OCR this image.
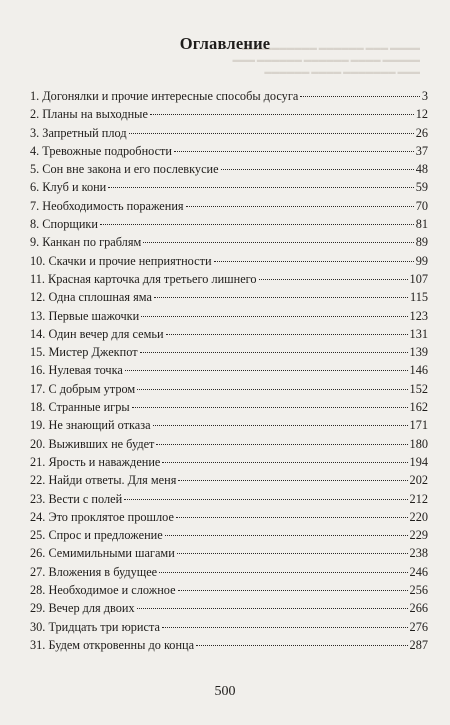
▬▬▬▬ ▬▬▬ ▬▬▬▬▬▬ ▬▬▬▬▬▬▬▬▬▬
▬▬▬▬▬ ▬▬▬▬ ▬▬▬▬▬▬ ▬▬▬▬▬▬ ▬▬▬
▬▬▬ ▬▬▬▬▬▬▬ ▬▬▬▬ ▬▬▬▬▬▬
Оглавление
1. Догонялки и прочие интересные способы досуга	3
2. Планы на выходные	12
3. Запретный плод	26
4. Тревожные подробности	37
5. Сон вне закона и его послевкусие	48
6. Клуб и кони	59
7. Необходимость поражения	70
8. Спорщики	81
9. Канкан по граблям	89
10. Скачки и прочие неприятности	99
11. Красная карточка для третьего лишнего	107
12. Одна сплошная яма	115
13. Первые шажочки	123
14. Один вечер для семьи	131
15. Мистер Джекпот	139
16. Нулевая точка	146
17. С добрым утром	152
18. Странные игры	162
19. Не знающий отказа	171
20. Выживших не будет	180
21. Ярость и наваждение	194
22. Найди ответы. Для меня	202
23. Вести с полей	212
24. Это проклятое прошлое	220
25. Спрос и предложение	229
26. Семимильными шагами	238
27. Вложения в будущее	246
28. Необходимое и сложное	256
29. Вечер для двоих	266
30. Тридцать три юриста	276
31. Будем откровенны до конца	287
500
